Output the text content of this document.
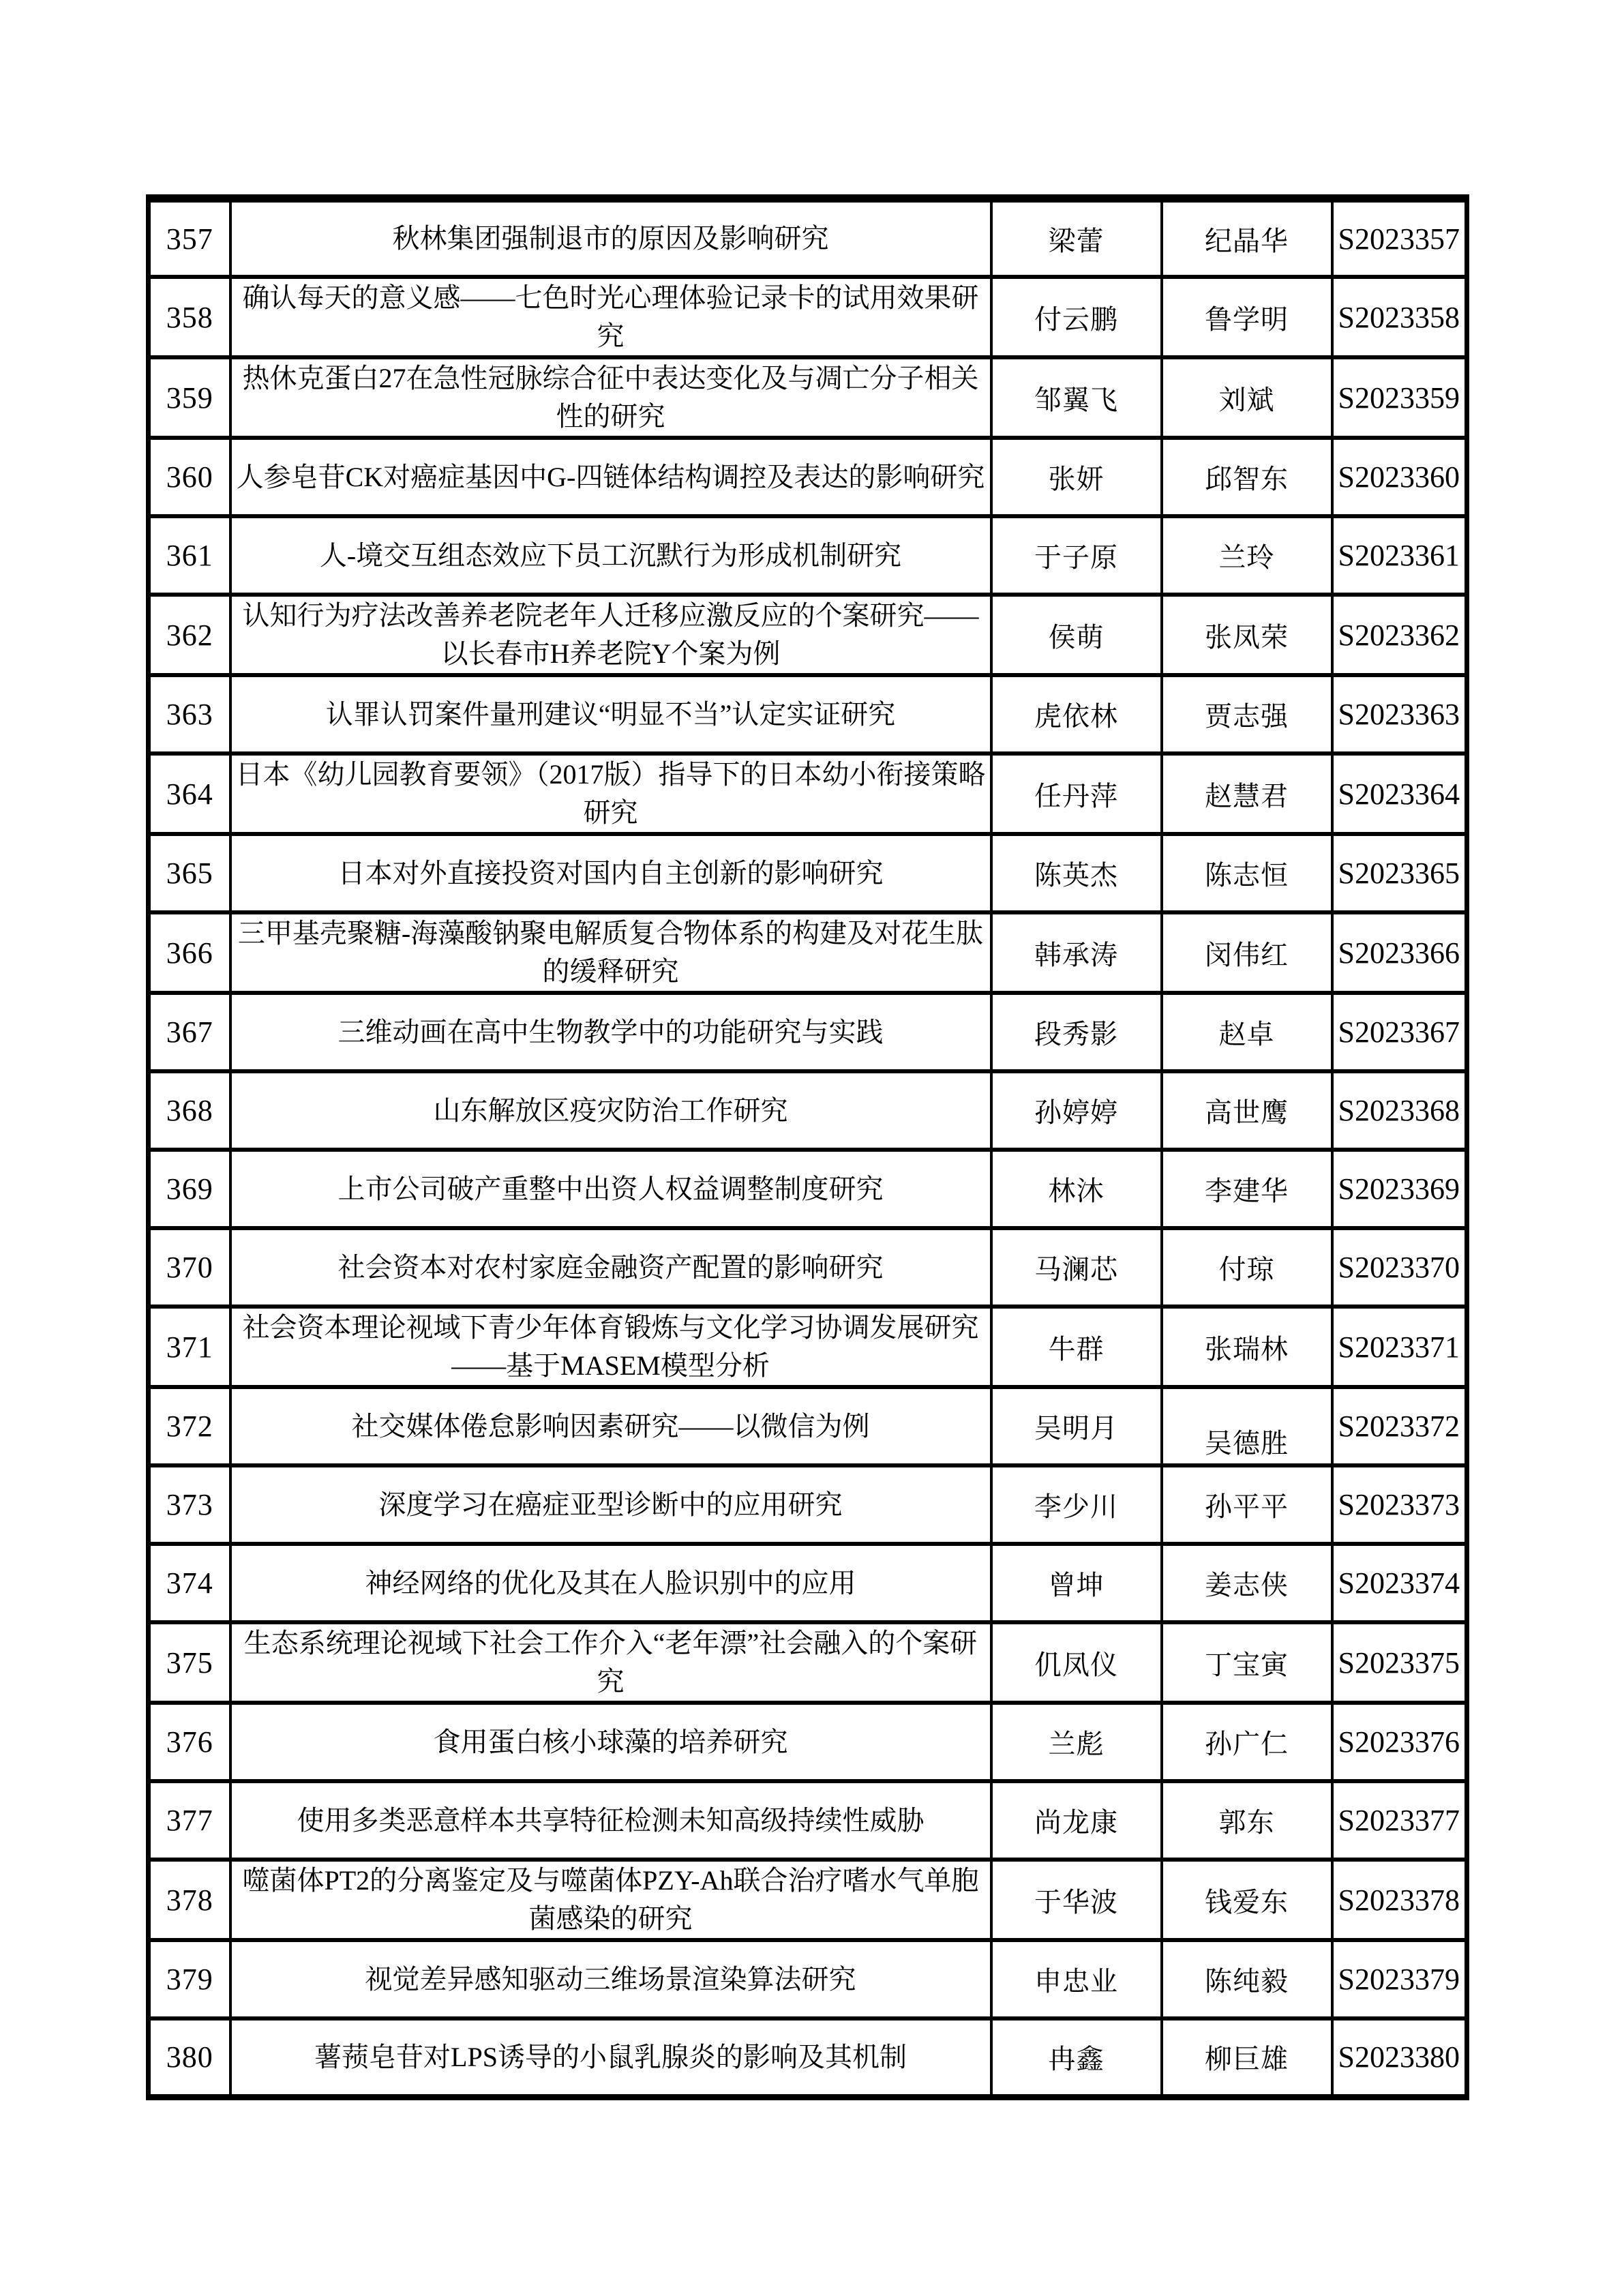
357	秋林集团强制退市的原因及影响研究	梁蕾	纪晶华	S2023357
358	确认每天的意义感——七色时光心理体验记录卡的试用效果研究	付云鹏	鲁学明	S2023358
359	热休克蛋白27在急性冠脉综合征中表达变化及与凋亡分子相关性的研究	邹翼飞	刘斌	S2023359
360	人参皂苷CK对癌症基因中G-四链体结构调控及表达的影响研究	张妍	邱智东	S2023360
361	人-境交互组态效应下员工沉默行为形成机制研究	于子原	兰玲	S2023361
362	认知行为疗法改善养老院老年人迁移应激反应的个案研究——以长春市H养老院Y个案为例	侯萌	张凤荣	S2023362
363	认罪认罚案件量刑建议“明显不当”认定实证研究	虎依林	贾志强	S2023363
364	日本《幼儿园教育要领》（2017版）指导下的日本幼小衔接策略研究	任丹萍	赵慧君	S2023364
365	日本对外直接投资对国内自主创新的影响研究	陈英杰	陈志恒	S2023365
366	三甲基壳聚糖-海藻酸钠聚电解质复合物体系的构建及对花生肽的缓释研究	韩承涛	闵伟红	S2023366
367	三维动画在高中生物教学中的功能研究与实践	段秀影	赵卓	S2023367
368	山东解放区疫灾防治工作研究	孙婷婷	高世鹰	S2023368
369	上市公司破产重整中出资人权益调整制度研究	林沐	李建华	S2023369
370	社会资本对农村家庭金融资产配置的影响研究	马澜芯	付琼	S2023370
371	社会资本理论视域下青少年体育锻炼与文化学习协调发展研究——基于MASEM模型分析	牛群	张瑞林	S2023371
372	社交媒体倦怠影响因素研究——以微信为例	吴明月	吴德胜	S2023372
373	深度学习在癌症亚型诊断中的应用研究	李少川	孙平平	S2023373
374	神经网络的优化及其在人脸识别中的应用	曾坤	姜志侠	S2023374
375	生态系统理论视域下社会工作介入“老年漂”社会融入的个案研究	仉凤仪	丁宝寅	S2023375
376	食用蛋白核小球藻的培养研究	兰彪	孙广仁	S2023376
377	使用多类恶意样本共享特征检测未知高级持续性威胁	尚龙康	郭东	S2023377
378	噬菌体PT2的分离鉴定及与噬菌体PZY-Ah联合治疗嗜水气单胞菌感染的研究	于华波	钱爱东	S2023378
379	视觉差异感知驱动三维场景渲染算法研究	申忠业	陈纯毅	S2023379
380	薯蓣皂苷对LPS诱导的小鼠乳腺炎的影响及其机制	冉鑫	柳巨雄	S2023380
